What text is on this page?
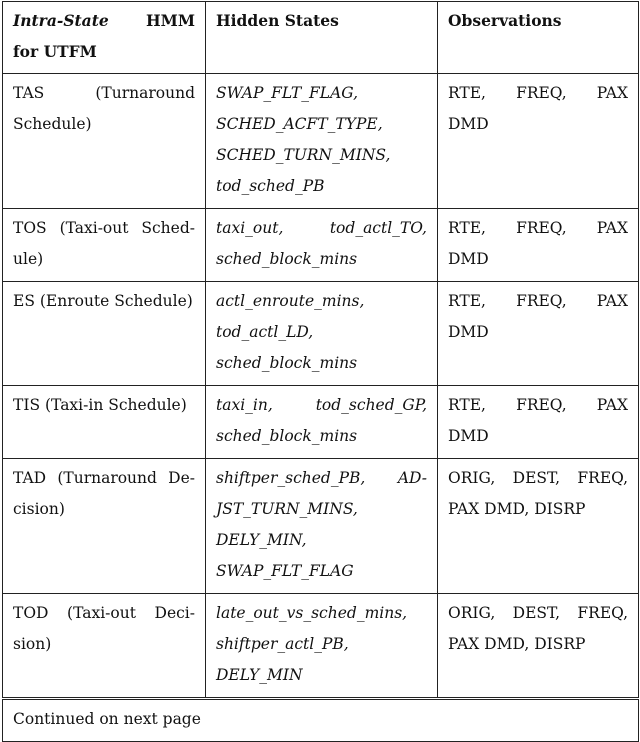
Intra-State HMM
for UTFM	Hidden States	Observations

TAS (Turnaround
Schedule)	SWAP_FLT_FLAG,
SCHED_ACFT_TYPE,
SCHED_TURN_MINS,
tod_sched_PB	RTE, FREQ, PAX
DMD

TOS (Taxi-out Sched-
ule)	taxi_out, tod_actl_TO,
sched_block_mins	RTE, FREQ, PAX
DMD

ES (Enroute Schedule)	actl_enroute_mins,
tod_actl_LD,
sched_block_mins	RTE, FREQ, PAX
DMD

TIS (Taxi-in Schedule)	taxi_in, tod_sched_GP,
sched_block_mins	RTE, FREQ, PAX
DMD

TAD (Turnaround De-
cision)	shiftper_sched_PB, AD-
JST_TURN_MINS,
DELY_MIN,
SWAP_FLT_FLAG	ORIG, DEST, FREQ,
PAX DMD, DISRP

TOD (Taxi-out Deci-
sion)	late_out_vs_sched_mins,
shiftper_actl_PB,
DELY_MIN	ORIG, DEST, FREQ,
PAX DMD, DISRP

Continued on next page		
